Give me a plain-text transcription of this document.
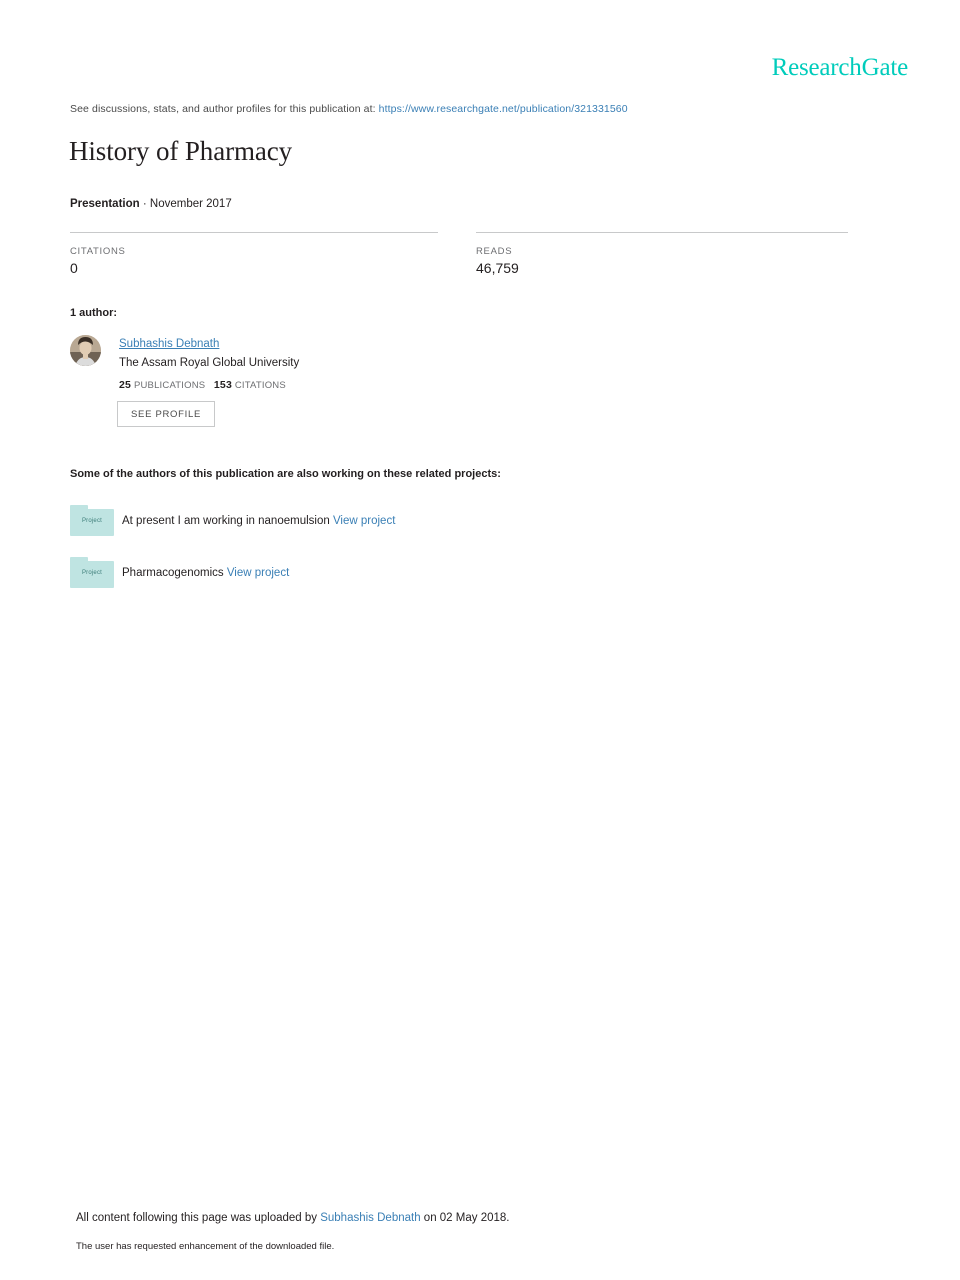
ResearchGate
See discussions, stats, and author profiles for this publication at: https://www.researchgate.net/publication/321331560
History of Pharmacy
Presentation · November 2017
CITATIONS
0
READS
46,759
1 author:
Subhashis Debnath
The Assam Royal Global University
25 PUBLICATIONS 153 CITATIONS
SEE PROFILE
Some of the authors of this publication are also working on these related projects:
Project	At present I am working in nanoemulsion View project
Project	Pharmacogenomics View project
All content following this page was uploaded by Subhashis Debnath on 02 May 2018.
The user has requested enhancement of the downloaded file.
